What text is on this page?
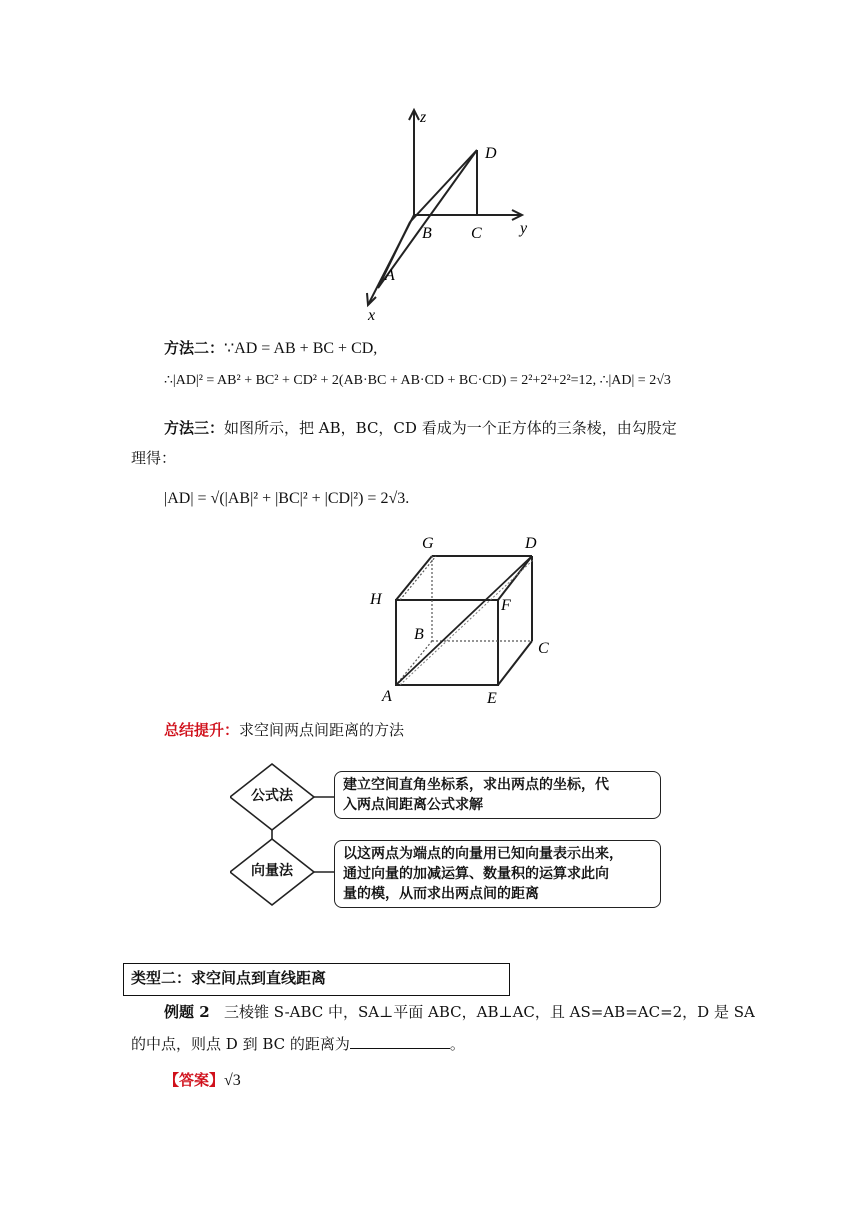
z
y
x
D
C
B
A
方法二：∵AD = AB + BC + CD,
∴|AD|² = AB² + BC² + CD² + 2(AB·BC + AB·CD + BC·CD) = 2²+2²+2²=12, ∴|AD| = 2√3
方法三：如图所示，把 AB，BC，CD 看成为一个正方体的三条棱，由勾股定
理得：
|AD| = √(|AB|² + |BC|² + |CD|²) = 2√3.
G	D
H	F
B
C
A	E
总结提升：求空间两点间距离的方法
公式法
向量法
建立空间直角坐标系，求出两点的坐标，代
入两点间距离公式求解
以这两点为端点的向量用已知向量表示出来，
通过向量的加减运算、数量积的运算求此向
量的模，从而求出两点间的距离
类型二：求空间点到直线距离
例题 2 三棱锥 S-ABC 中，SA⊥平面 ABC，AB⊥AC，且 AS=AB=AC=2，D 是 SA
的中点，则点 D 到 BC 的距离为	。
【答案】√3
